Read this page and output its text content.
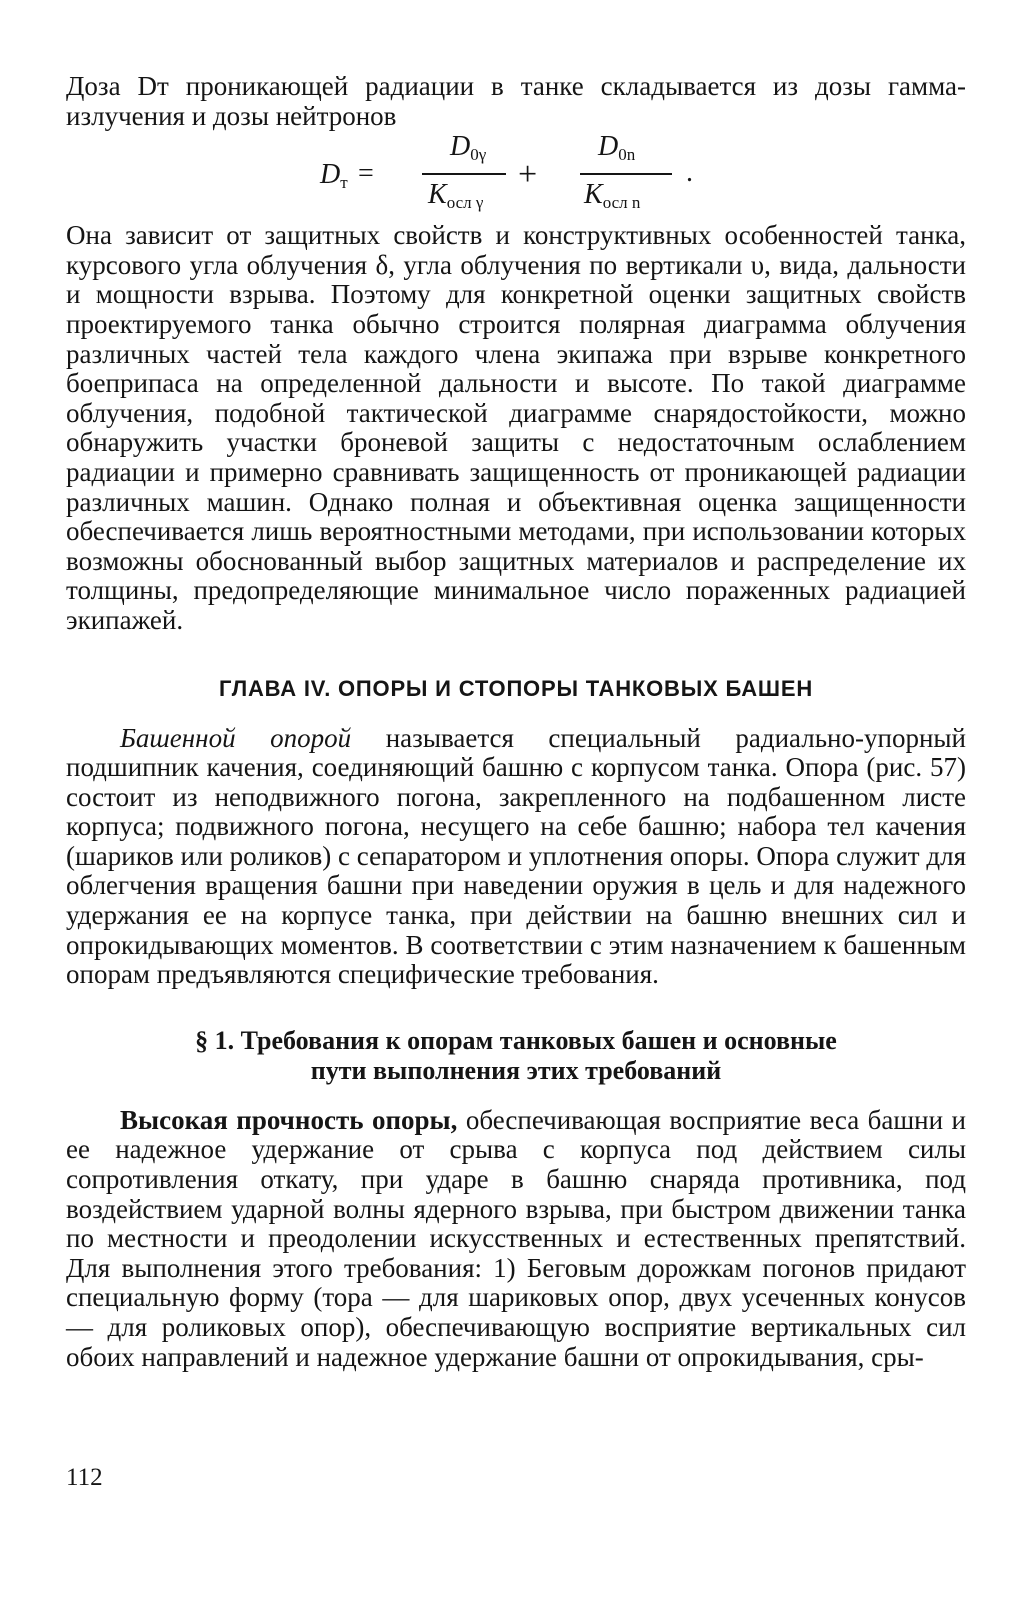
Доза Dт проникающей радиации в танке складывается из дозы гамма-излучения и дозы нейтронов

$D_т$ =
$D_{0\gamma}$
$K_{осл \gamma}$
+
$D_{0n}$
$K_{осл n}$
.

Она зависит от защитных свойств и конструктивных особенностей танка, курсового угла облучения δ, угла облучения по вертикали υ, вида, дальности и мощности взрыва. Поэтому для конкретной оценки защитных свойств проектируемого танка обычно строится полярная диаграмма облучения различных частей тела каждого члена экипажа при взрыве конкретного боеприпаса на определенной дальности и высоте. По такой диаграмме облучения, подобной тактической диаграмме снарядостойкости, можно обнаружить участки броневой защиты с недостаточным ослаблением радиации и примерно сравнивать защищенность от проникающей радиации различных машин. Однако полная и объективная оценка защищенности обеспечивается лишь вероятностными методами, при использовании которых возможны обоснованный выбор защитных материалов и распределение их толщины, предопределяющие минимальное число пораженных радиацией экипажей.

ГЛАВА IV. ОПОРЫ И СТОПОРЫ ТАНКОВЫХ БАШЕН

Башенной опорой называется специальный радиально-упорный подшипник качения, соединяющий башню с корпусом танка. Опора (рис. 57) состоит из неподвижного погона, закрепленного на подбашенном листе корпуса; подвижного погона, несущего на себе башню; набора тел качения (шариков или роликов) с сепаратором и уплотнения опоры. Опора служит для облегчения вращения башни при наведении оружия в цель и для надежного удержания ее на корпусе танка, при действии на башню внешних сил и опрокидывающих моментов. В соответствии с этим назначением к башенным опорам предъявляются специфические требования.

§ 1. Требования к опорам танковых башен и основные
пути выполнения этих требований

Высокая прочность опоры, обеспечивающая восприятие веса башни и ее надежное удержание от срыва с корпуса под действием силы сопротивления откату, при ударе в башню снаряда противника, под воздействием ударной волны ядерного взрыва, при быстром движении танка по местности и преодолении искусственных и естественных препятствий. Для выполнения этого требования: 1) Беговым дорожкам погонов придают специальную форму (тора — для шариковых опор, двух усеченных конусов — для роликовых опор), обеспечивающую восприятие вертикальных сил обоих направлений и надежное удержание башни от опрокидывания, сры-

112
